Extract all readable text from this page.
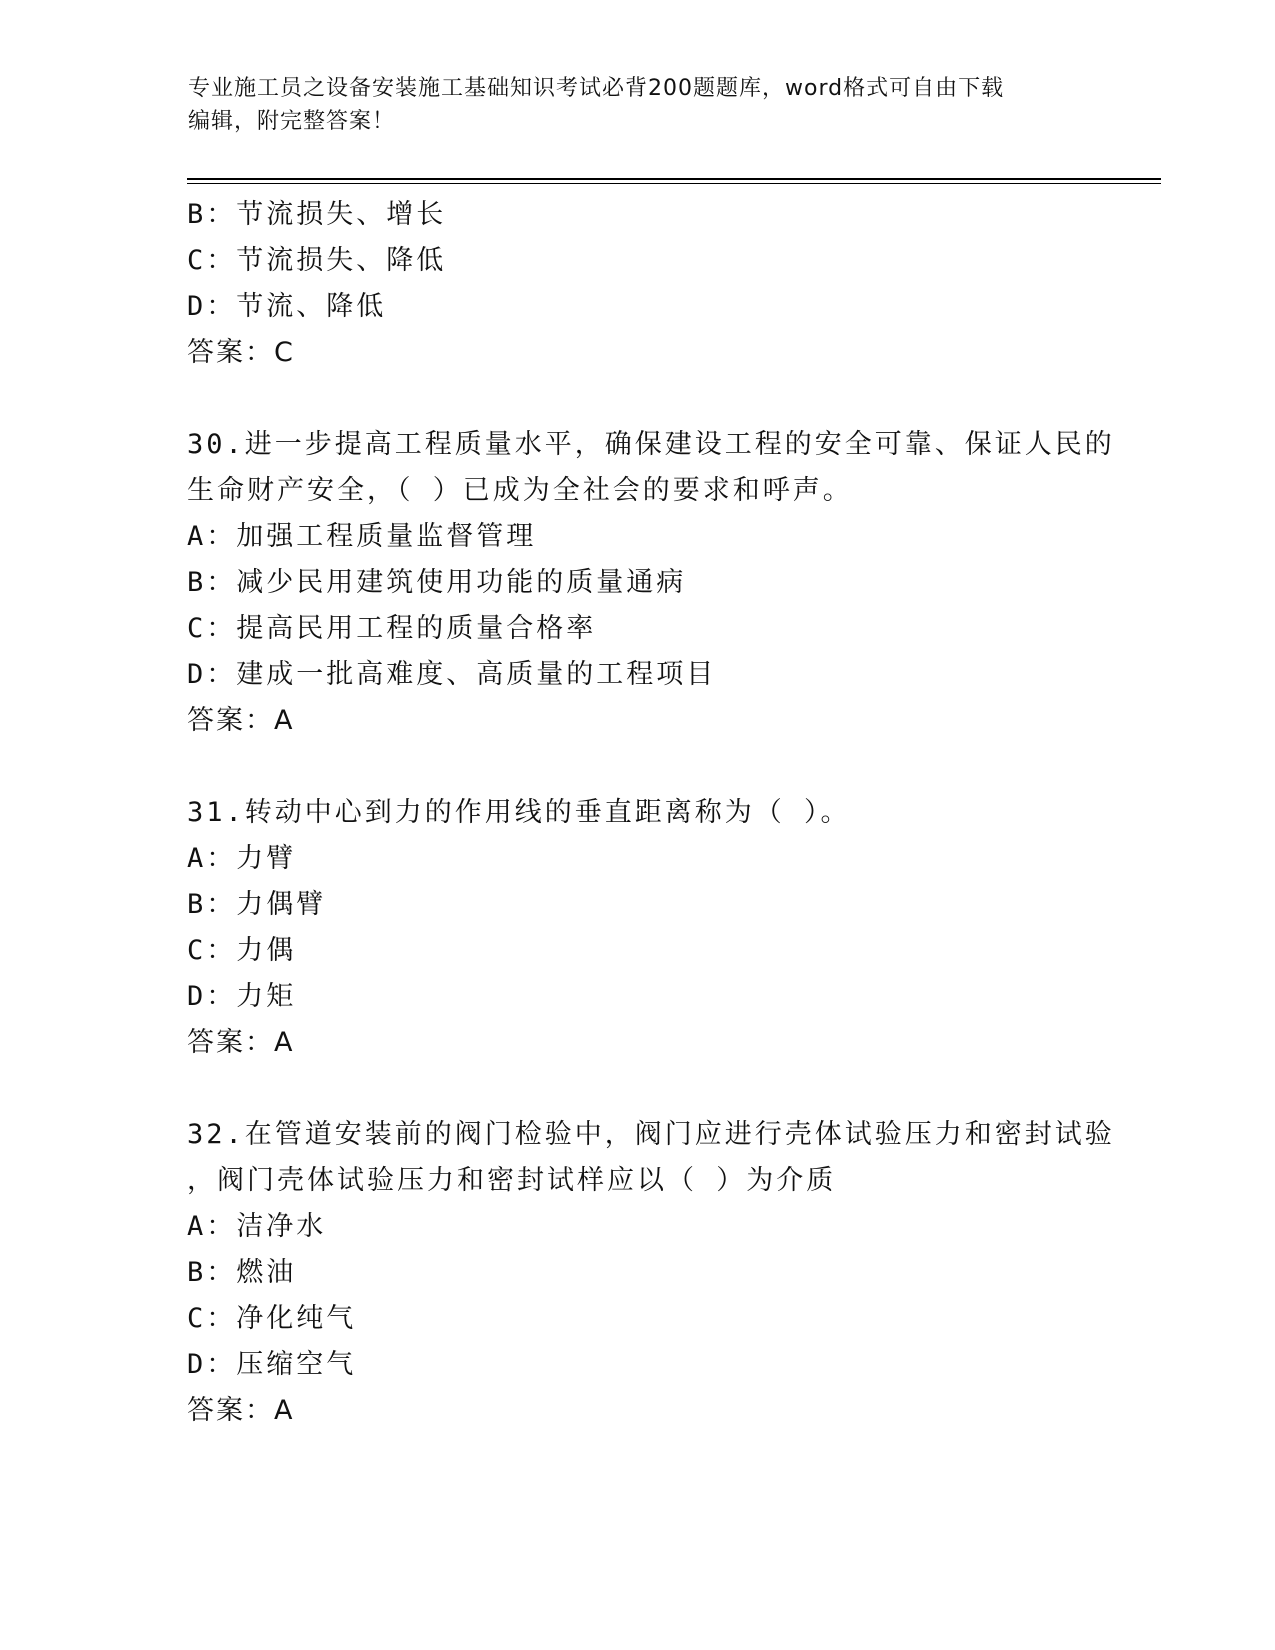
专业施工员之设备安装施工基础知识考试必背200题题库，word格式可自由下载
编辑，附完整答案！
B：节流损失、增长
C：节流损失、降低
D：节流、降低
答案：C
30.进一步提高工程质量水平，确保建设工程的安全可靠、保证人民的
生命财产安全，（ ）已成为全社会的要求和呼声。
A：加强工程质量监督管理
B：减少民用建筑使用功能的质量通病
C：提高民用工程的质量合格率
D：建成一批高难度、高质量的工程项目
答案：A
31.转动中心到力的作用线的垂直距离称为（ ）。
A：力臂
B：力偶臂
C：力偶
D：力矩
答案：A
32.在管道安装前的阀门检验中，阀门应进行壳体试验压力和密封试验
，阀门壳体试验压力和密封试样应以（ ）为介质
A：洁净水
B：燃油
C：净化纯气
D：压缩空气
答案：A
